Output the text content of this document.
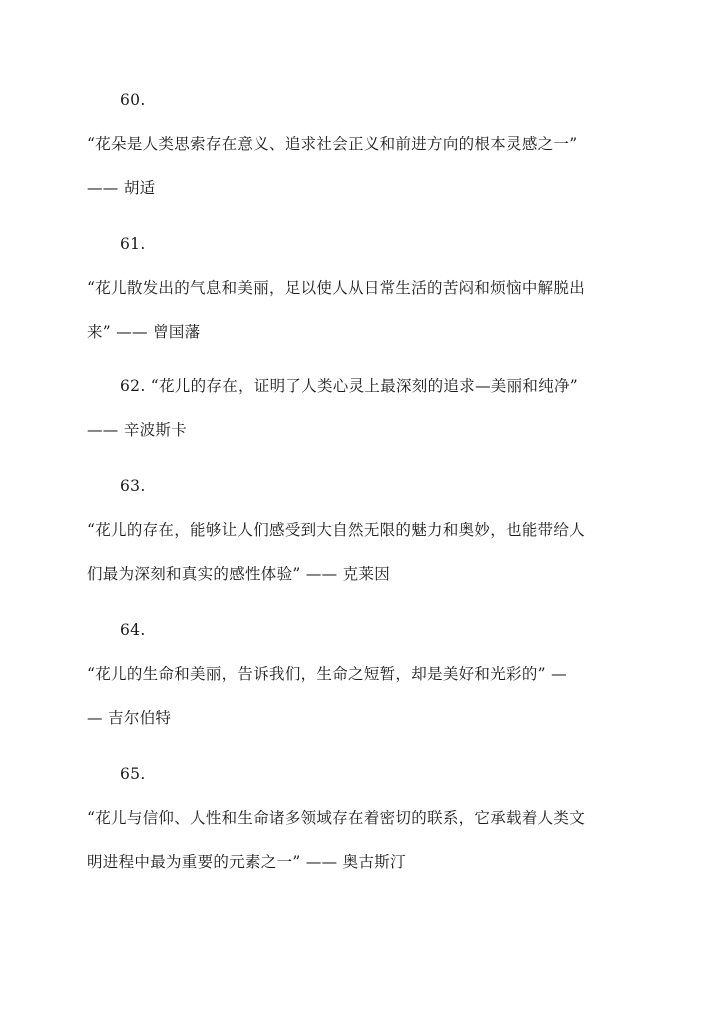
60.
“花朵是人类思索存在意义、追求社会正义和前进方向的根本灵感之一”
—— 胡适
61.
“花儿散发出的气息和美丽，足以使人从日常生活的苦闷和烦恼中解脱出
来” —— 曾国藩
62. “花儿的存在，证明了人类心灵上最深刻的追求—美丽和纯净”
—— 辛波斯卡
63.
“花儿的存在，能够让人们感受到大自然无限的魅力和奥妙，也能带给人
们最为深刻和真实的感性体验” —— 克莱因
64.
“花儿的生命和美丽，告诉我们，生命之短暂，却是美好和光彩的” —
— 吉尔伯特
65.
“花儿与信仰、人性和生命诸多领域存在着密切的联系，它承载着人类文
明进程中最为重要的元素之一” —— 奥古斯汀
